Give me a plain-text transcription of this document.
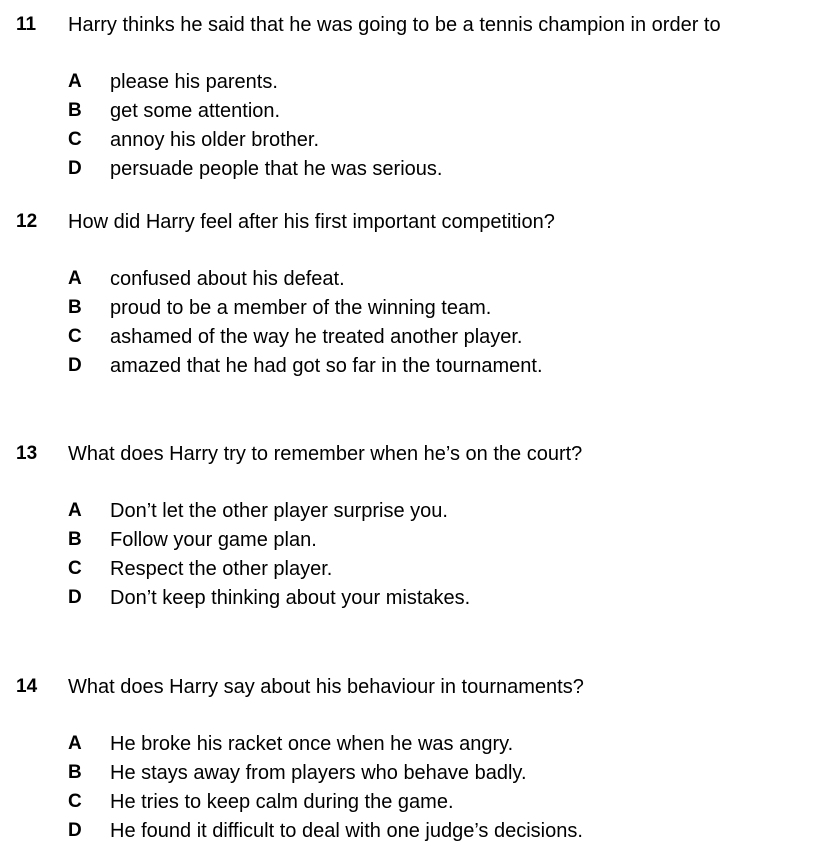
11 Harry thinks he said that he was going to be a tennis champion in order to
A please his parents.
B get some attention.
C annoy his older brother.
D persuade people that he was serious.
12 How did Harry feel after his first important competition?
A confused about his defeat.
B proud to be a member of the winning team.
C ashamed of the way he treated another player.
D amazed that he had got so far in the tournament.
13 What does Harry try to remember when he’s on the court?
A Don’t let the other player surprise you.
B Follow your game plan.
C Respect the other player.
D Don’t keep thinking about your mistakes.
14 What does Harry say about his behaviour in tournaments?
A He broke his racket once when he was angry.
B He stays away from players who behave badly.
C He tries to keep calm during the game.
D He found it difficult to deal with one judge’s decisions.
